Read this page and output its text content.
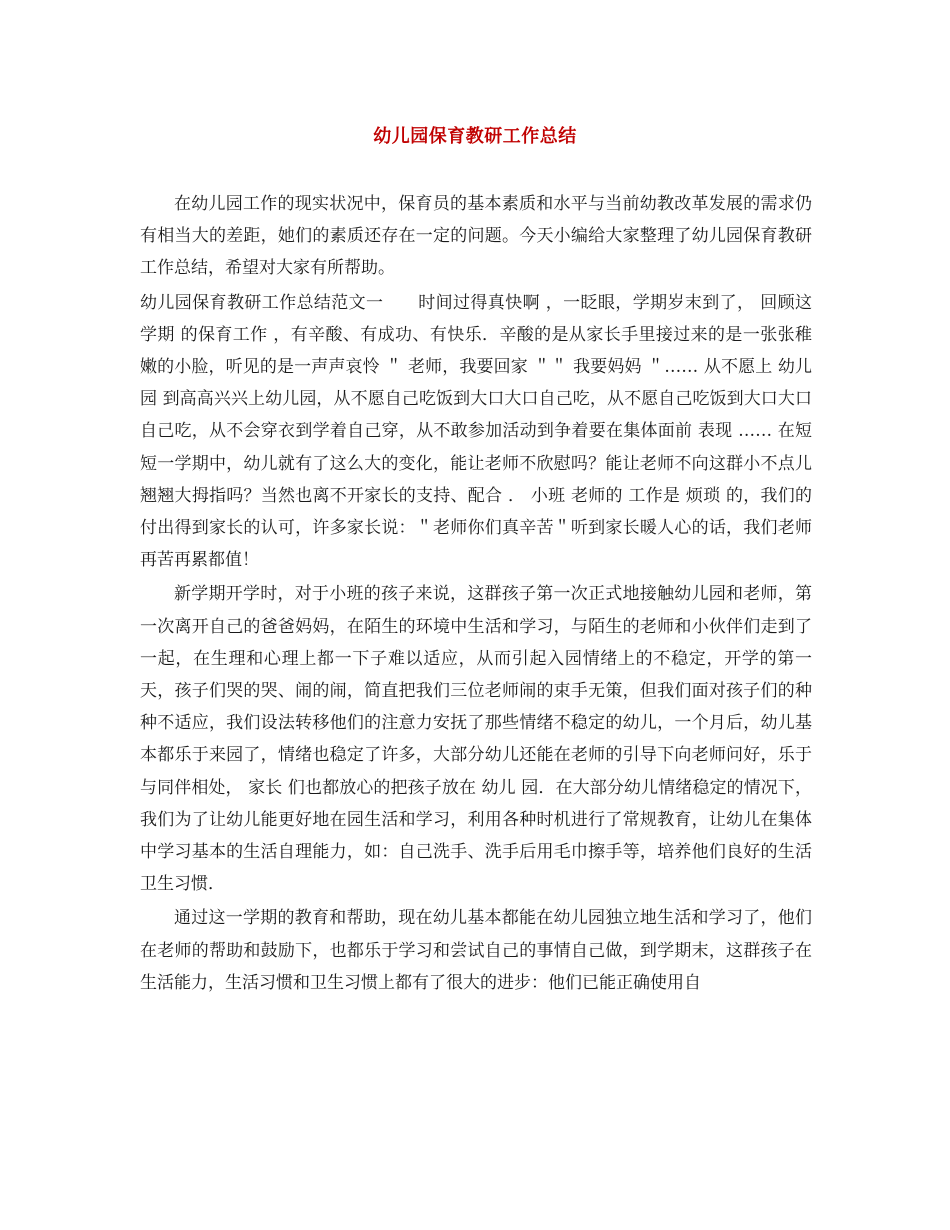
幼儿园保育教研工作总结

在幼儿园工作的现实状况中，保育员的基本素质和水平与当前幼教改革发展的需求仍有相当大的差距，她们的素质还存在一定的问题。今天小编给大家整理了幼儿园保育教研工作总结，希望对大家有所帮助。

幼儿园保育教研工作总结范文一　　时间过得真快啊 ，一眨眼，学期岁末到了， 回顾这学期 的保育工作 ，有辛酸、有成功、有快乐．辛酸的是从家长手里接过来的是一张张稚嫩的小脸，听见的是一声声哀怜 ＂ 老师，我要回家 ＂＂ 我要妈妈 ＂…… 从不愿上 幼儿园 到高高兴兴上幼儿园，从不愿自己吃饭到大口大口自己吃，从不愿自己吃饭到大口大口自己吃，从不会穿衣到学着自己穿，从不敢参加活动到争着要在集体面前 表现 …… 在短短一学期中，幼儿就有了这么大的变化，能让老师不欣慰吗？能让老师不向这群小不点儿翘翘大拇指吗？当然也离不开家长的支持、配合 ． 小班 老师的 工作是 烦琐 的，我们的付出得到家长的认可，许多家长说：＂老师你们真辛苦＂听到家长暖人心的话，我们老师 再苦再累都值！

新学期开学时，对于小班的孩子来说，这群孩子第一次正式地接触幼儿园和老师，第一次离开自己的爸爸妈妈，在陌生的环境中生活和学习，与陌生的老师和小伙伴们走到了一起，在生理和心理上都一下子难以适应，从而引起入园情绪上的不稳定，开学的第一天，孩子们哭的哭、闹的闹，简直把我们三位老师闹的束手无策，但我们面对孩子们的种种不适应，我们设法转移他们的注意力安抚了那些情绪不稳定的幼儿，一个月后，幼儿基本都乐于来园了，情绪也稳定了许多，大部分幼儿还能在老师的引导下向老师问好，乐于与同伴相处， 家长 们也都放心的把孩子放在 幼儿 园．在大部分幼儿情绪稳定的情况下，我们为了让幼儿能更好地在园生活和学习，利用各种时机进行了常规教育，让幼儿在集体中学习基本的生活自理能力，如：自己洗手、洗手后用毛巾擦手等，培养他们良好的生活卫生习惯．

通过这一学期的教育和帮助，现在幼儿基本都能在幼儿园独立地生活和学习了，他们在老师的帮助和鼓励下，也都乐于学习和尝试自己的事情自己做，到学期末，这群孩子在生活能力，生活习惯和卫生习惯上都有了很大的进步：他们已能正确使用自
